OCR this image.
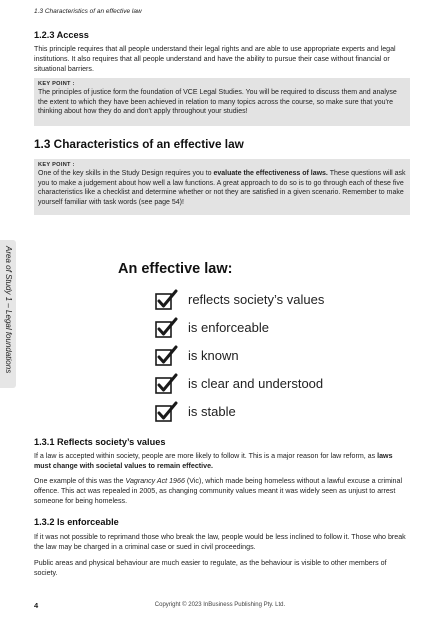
1.3 Characteristics of an effective law
Area of Study 1 – Legal foundations
1.2.3 Access

This principle requires that all people understand their legal rights and are able to use appropriate experts and legal institutions. It also requires that all people understand and have the ability to pursue their case without financial or situational barriers.

KEY POINT :

The principles of justice form the foundation of VCE Legal Studies. You will be required to discuss them and analyse the extent to which they have been achieved in relation to many topics across the course, so make sure that you're thinking about how they do and don't apply throughout your studies!

1.3 Characteristics of an effective law
KEY POINT :

One of the key skills in the Study Design requires you to evaluate the effectiveness of laws. These questions will ask you to make a judgement about how well a law functions. A great approach to do so is to go through each of these five characteristics like a checklist and determine whether or not they are satisfied in a given scenario. Remember to make yourself familiar with task words (see page 54)!

An effective law:
reflects society’s values
is enforceable
is known
is clear and understood
is stable
1.3.1 Reflects society’s values

If a law is accepted within society, people are more likely to follow it. This is a major reason for law reform, as laws must change with societal values to remain effective.

One example of this was the Vagrancy Act 1966 (Vic), which made being homeless without a lawful excuse a criminal offence. This act was repealed in 2005, as changing community values meant it was widely seen as unjust to arrest someone for being homeless.

1.3.2 Is enforceable

If it was not possible to reprimand those who break the law, people would be less inclined to follow it. Those who break the law may be charged in a criminal case or sued in civil proceedings.

Public areas and physical behaviour are much easier to regulate, as the behaviour is visible to other members of society.

4	Copyright © 2023 InBusiness Publishing Pty. Ltd.
